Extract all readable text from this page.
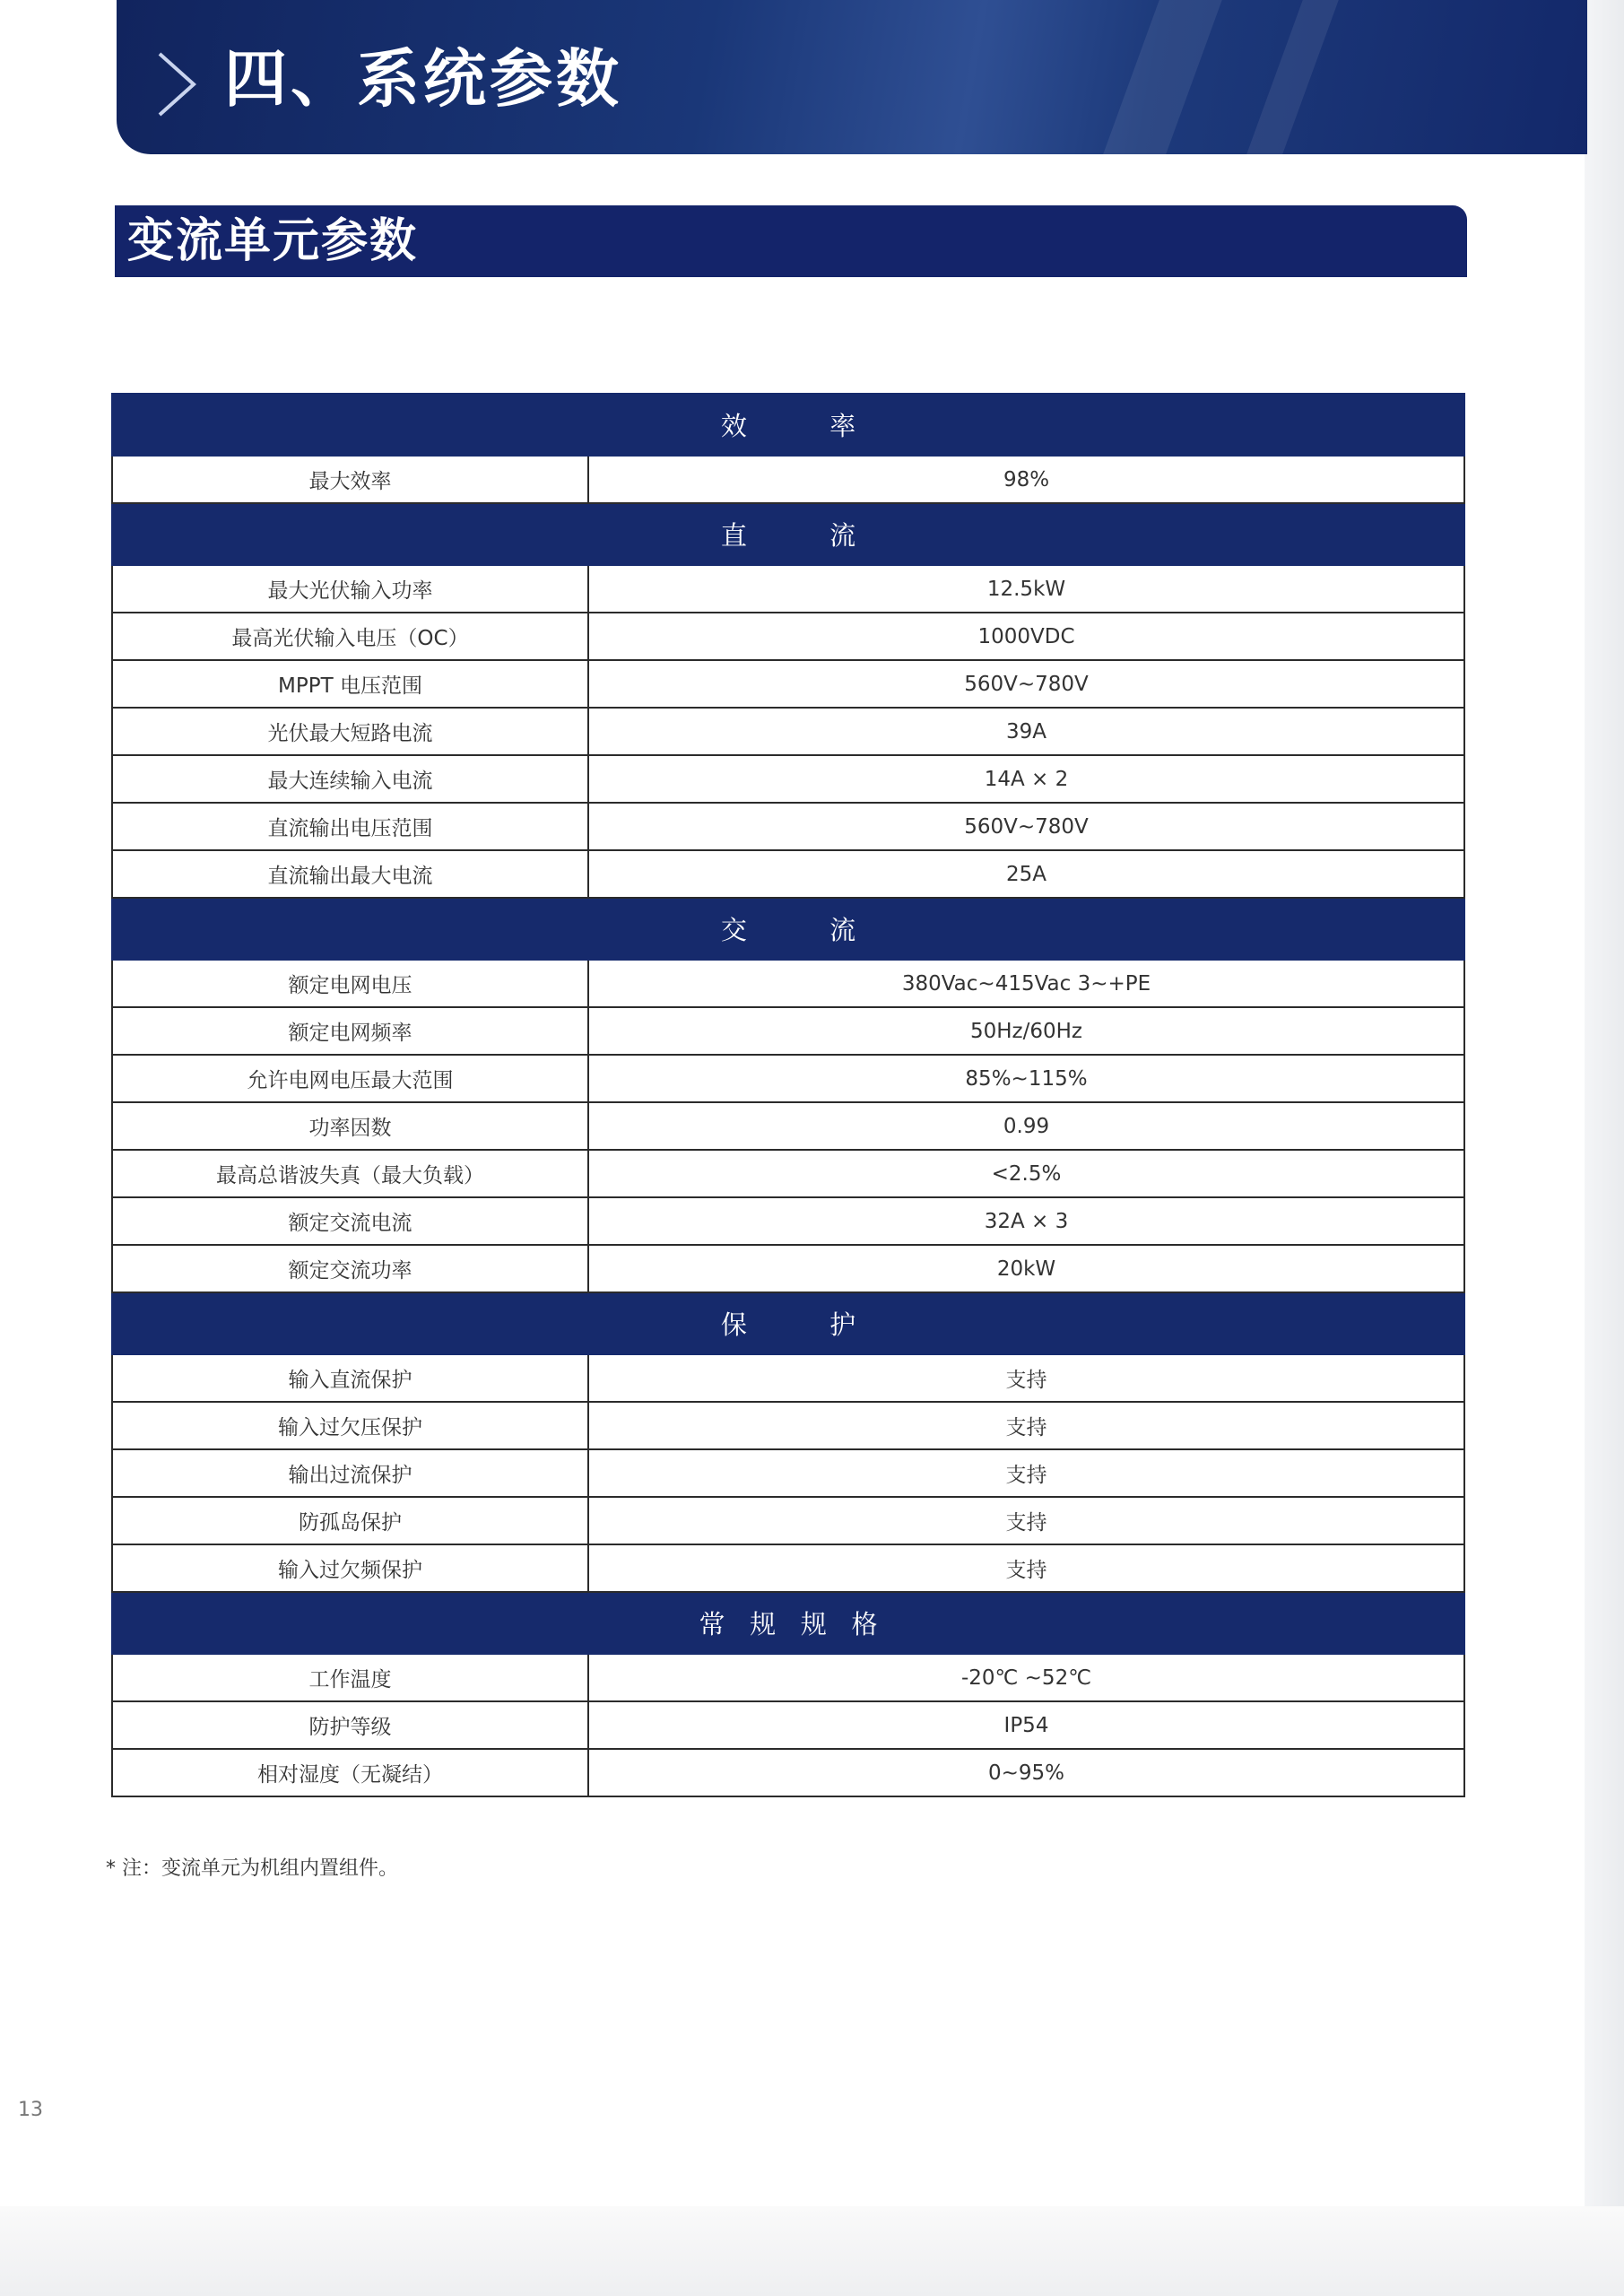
四、系统参数
变流单元参数
效          率	
最大效率	98%
直          流	
最大光伏输入功率	12.5kW
最高光伏输入电压（OC）	1000VDC
MPPT 电压范围	560V~780V
光伏最大短路电流	39A
最大连续输入电流	14A × 2
直流输出电压范围	560V~780V
直流输出最大电流	25A
交          流	
额定电网电压	380Vac~415Vac 3~+PE
额定电网频率	50Hz/60Hz
允许电网电压最大范围	85%~115%
功率因数	0.99
最高总谐波失真（最大负载）	<2.5%
额定交流电流	32A × 3
额定交流功率	20kW
保          护	
输入直流保护	支持
输入过欠压保护	支持
输出过流保护	支持
防孤岛保护	支持
输入过欠频保护	支持
常   规   规   格	
工作温度	-20℃ ~52℃
防护等级	IP54
相对湿度（无凝结）	0~95%
* 注：变流单元为机组内置组件。
13
